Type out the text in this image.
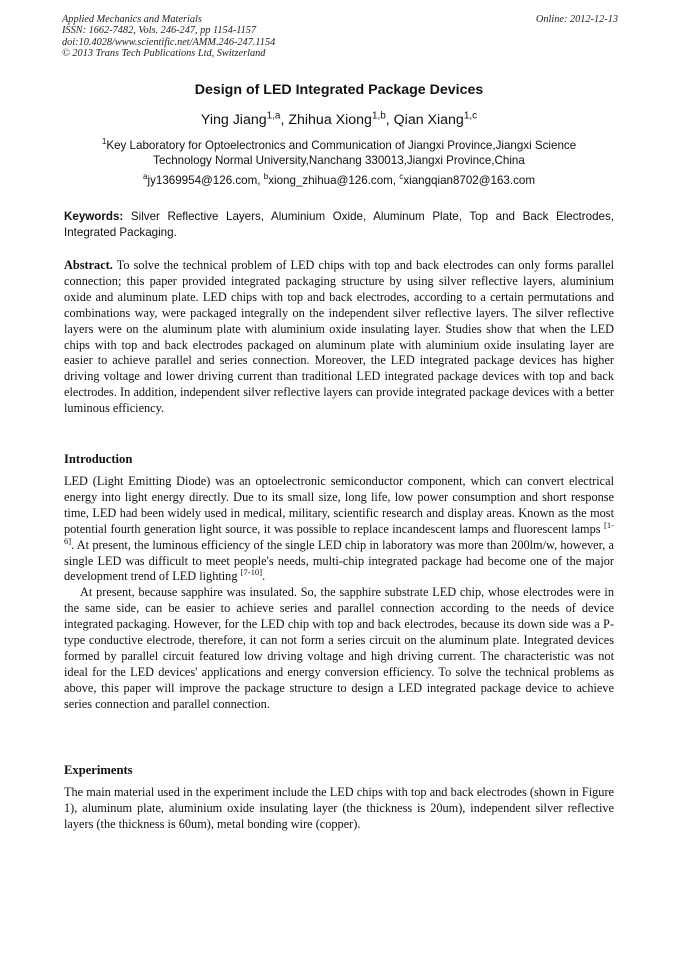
Applied Mechanics and Materials
ISSN: 1662-7482, Vols. 246-247, pp 1154-1157
doi:10.4028/www.scientific.net/AMM.246-247.1154
© 2013 Trans Tech Publications Ltd, Switzerland
Online: 2012-12-13
Design of LED Integrated Package Devices
Ying Jiang$^{1,a}$, Zhihua Xiong$^{1,b}$, Qian Xiang$^{1,c}$
$^1$Key Laboratory for Optoelectronics and Communication of Jiangxi Province,Jiangxi Science Technology Normal University,Nanchang 330013,Jiangxi Province,China
$^a$jy1369954@126.com, $^b$xiong_zhihua@126.com, $^c$xiangqian8702@163.com
Keywords: Silver Reflective Layers, Aluminium Oxide, Aluminum Plate, Top and Back Electrodes, Integrated Packaging.
Abstract. To solve the technical problem of LED chips with top and back electrodes can only forms parallel connection; this paper provided integrated packaging structure by using silver reflective layers, aluminium oxide and aluminum plate. LED chips with top and back electrodes, according to a certain permutations and combinations way, were packaged integrally on the independent silver reflective layers. The silver reflective layers were on the aluminum plate with aluminium oxide insulating layer. Studies show that when the LED chips with top and back electrodes packaged on aluminum plate with aluminium oxide insulating layer are easier to achieve parallel and series connection. Moreover, the LED integrated package devices has higher driving voltage and lower driving current than traditional LED integrated package devices with top and back electrodes. In addition, independent silver reflective layers can provide integrated package devices with a better luminous efficiency.
Introduction

LED (Light Emitting Diode) was an optoelectronic semiconductor component, which can convert electrical energy into light energy directly. Due to its small size, long life, low power consumption and short response time, LED had been widely used in medical, military, scientific research and display areas. Known as the most potential fourth generation light source, it was possible to replace incandescent lamps and fluorescent lamps [1-6]. At present, the luminous efficiency of the single LED chip in laboratory was more than 200lm/w, however, a single LED was difficult to meet people's needs, multi-chip integrated package had become one of the major development trend of LED lighting [7-10].

At present, because sapphire was insulated. So, the sapphire substrate LED chip, whose electrodes were in the same side, can be easier to achieve series and parallel connection according to the needs of device integrated packaging. However, for the LED chip with top and back electrodes, because its down side was a P-type conductive electrode, therefore, it can not form a series circuit on the aluminum plate. Integrated devices formed by parallel circuit featured low driving voltage and high driving current. The characteristic was not ideal for the LED devices' applications and energy conversion efficiency. To solve the technical problems as above, this paper will improve the package structure to design a LED integrated package device to achieve series connection and parallel connection.

Experiments
The main material used in the experiment include the LED chips with top and back electrodes (shown in Figure 1), aluminum plate, aluminium oxide insulating layer (the thickness is 20um), independent silver reflective layers (the thickness is 60um), metal bonding wire (copper).
